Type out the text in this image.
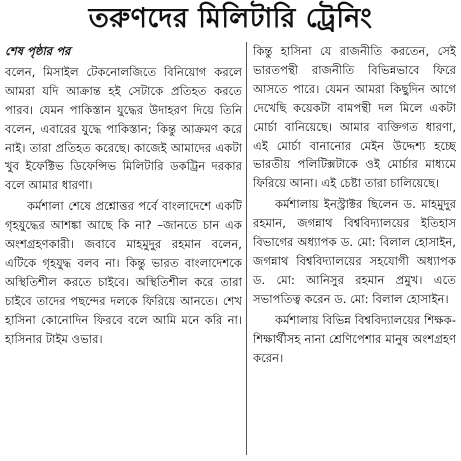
তরুণদের মিলিটারি ট্রেনিং

শেষ পৃষ্ঠার পর

বলেন, মিসাইল টেকনোলজিতে বিনিয়োগ করলে আমরা যদি আক্রান্ত হই সেটাকে প্রতিহত করতে পারব। যেমন পাকিস্তান যুদ্ধের উদাহরণ দিয়ে তিনি বলেন, এবারের যুদ্ধে পাকিস্তান; কিন্তু আক্রমণ করে নাই। তারা প্রতিহত করেছে। কাজেই আমাদের একটা খুব ইফেক্টিভ ডিফেন্সিভ মিলিটারি ডকট্রিন দরকার বলে আমার ধারণা।

কর্মশালা শেষে প্রশ্নোত্তর পর্বে বাংলাদেশে একটি গৃহযুদ্ধের আশঙ্কা আছে কি না? –জানতে চান এক অংশগ্রহণকারী। জবাবে মাহমুদুর রহমান বলেন, এটিকে গৃহযুদ্ধ বলব না। কিন্তু ভারত বাংলাদেশকে অস্থিতিশীল করতে চাইবে। অস্থিতিশীল করে তারা চাইবে তাদের পছন্দের দলকে ফিরিয়ে আনতে। শেখ হাসিনা কোনোদিন ফিরবে বলে আমি মনে করি না। হাসিনার টাইম ওভার।

কিন্তু হাসিনা যে রাজনীতি করতেন, সেই ভারতপন্থী রাজনীতি বিভিন্নভাবে ফিরে আসতে পারে। যেমন আমরা কিছুদিন আগে দেখেছি কয়েকটা বামপন্থী দল মিলে একটা মোর্চা বানিয়েছে। আমার ব্যক্তিগত ধারণা, এই মোর্চা বানানোর মেইন উদ্দেশ্য হচ্ছে ভারতীয় পলিটিক্সটাকে ওই মোর্চার মাধ্যমে ফিরিয়ে আনা। এই চেষ্টা তারা চালিয়েছে।

কর্মশালায় ইনস্ট্রাক্টর ছিলেন ড. মাহমুদুর রহমান, জগন্নাথ বিশ্ববিদ্যালয়ের ইতিহাস বিভাগের অধ্যাপক ড. মো: বিলাল হোসাইন, জগন্নাথ বিশ্ববিদ্যালয়ের সহযোগী অধ্যাপক ড. মো: আনিসুর রহমান প্রমুখ। এতে সভাপতিত্ব করেন ড. মো: বিলাল হোসাইন।

কর্মশালায় বিভিন্ন বিশ্ববিদ্যালয়ের শিক্ষক-শিক্ষার্থীসহ নানা শ্রেণিপেশার মানুষ অংশগ্রহণ করেন।
